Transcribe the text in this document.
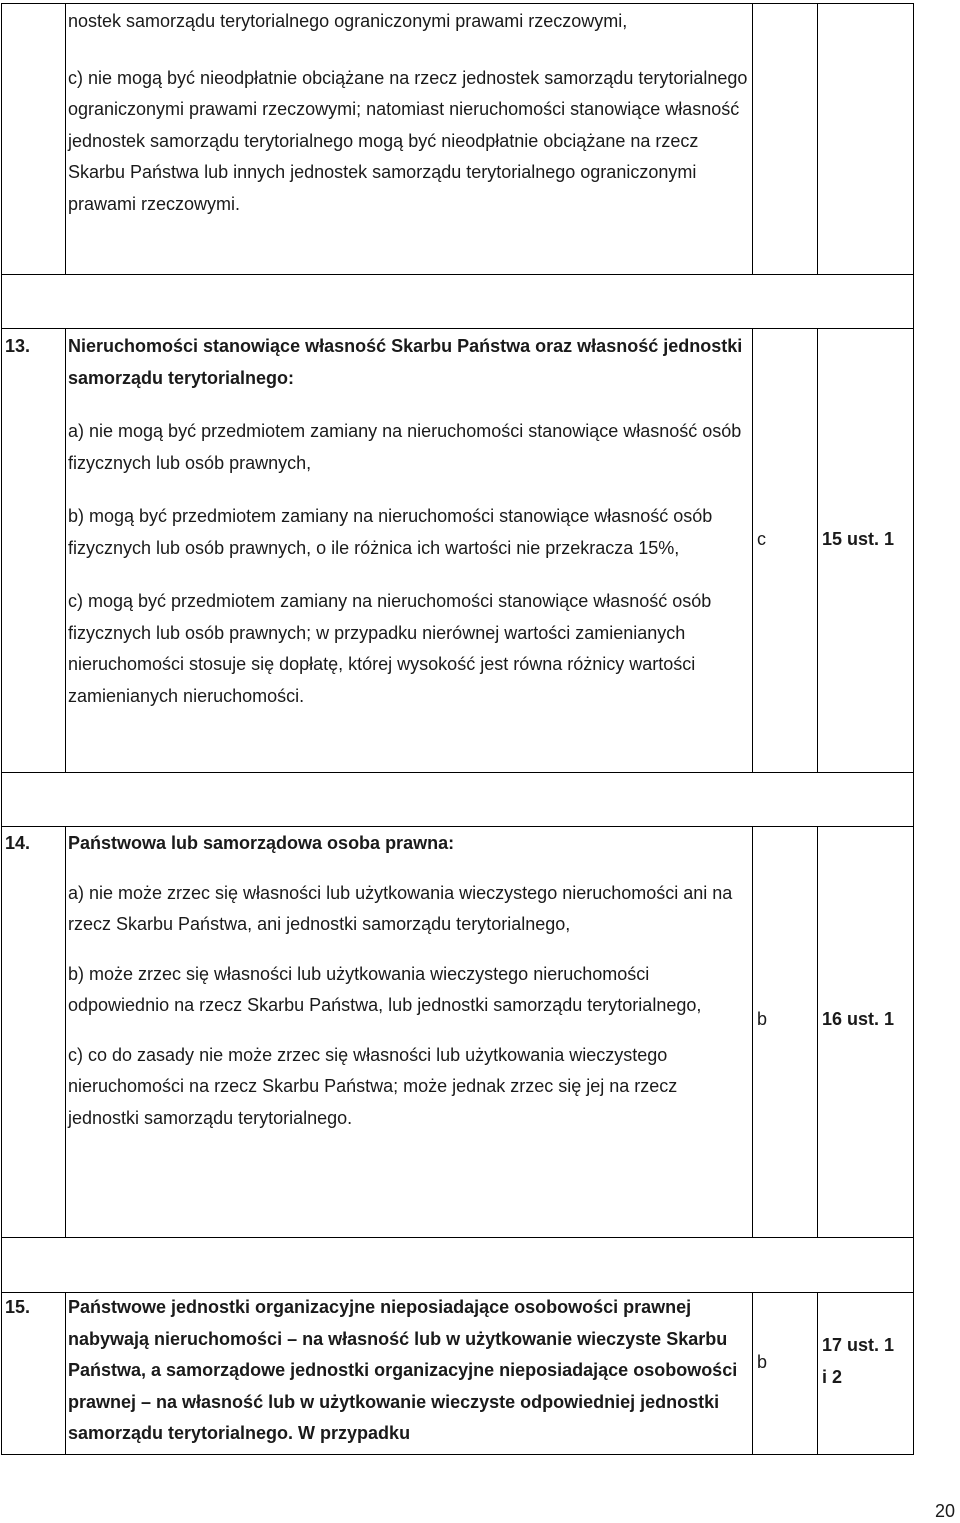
nostek samorządu terytorialnego ograniczonymi prawami rzeczowymi,

c) nie mogą być nieodpłatnie obciążane na rzecz jednostek samorządu terytorialnego ograniczonymi prawami rzeczowymi; natomiast nieruchomości stanowiące własność jednostek samorządu terytorialnego mogą być nieodpłatnie obciążane na rzecz Skarbu Państwa lub innych jednostek samorządu terytorialnego ograniczonymi prawami rzeczowymi.

13. Nieruchomości stanowiące własność Skarbu Państwa oraz własność jednostki samorządu terytorialnego:

a) nie mogą być przedmiotem zamiany na nieruchomości stanowiące własność osób fizycznych lub osób prawnych,

b) mogą być przedmiotem zamiany na nieruchomości stanowiące własność osób fizycznych lub osób prawnych, o ile różnica ich wartości nie przekracza 15%,

c) mogą być przedmiotem zamiany na nieruchomości stanowiące własność osób fizycznych lub osób prawnych; w przypadku nierównej wartości zamienianych nieruchomości stosuje się dopłatę, której wysokość jest równa różnicy wartości zamienianych nieruchomości.

c	15 ust. 1
14. Państwowa lub samorządowa osoba prawna:

a) nie może zrzec się własności lub użytkowania wieczystego nieruchomości ani na rzecz Skarbu Państwa, ani jednostki samorządu terytorialnego,

b) może zrzec się własności lub użytkowania wieczystego nieruchomości odpowiednio na rzecz Skarbu Państwa, lub jednostki samorządu terytorialnego,

c) co do zasady nie może zrzec się własności lub użytkowania wieczystego nieruchomości na rzecz Skarbu Państwa; może jednak zrzec się jej na rzecz jednostki samorządu terytorialnego.

b	16 ust. 1
15. Państwowe jednostki organizacyjne nieposiadające osobowości prawnej nabywają nieruchomości – na własność lub w użytkowanie wieczyste Skarbu Państwa, a samorządowe jednostki organizacyjne nieposiadające osobowości prawnej – na własność lub w użytkowanie wieczyste odpowiedniej jednostki samorządu terytorialnego. W przypadku

b
17 ust. 1
i 2
20
